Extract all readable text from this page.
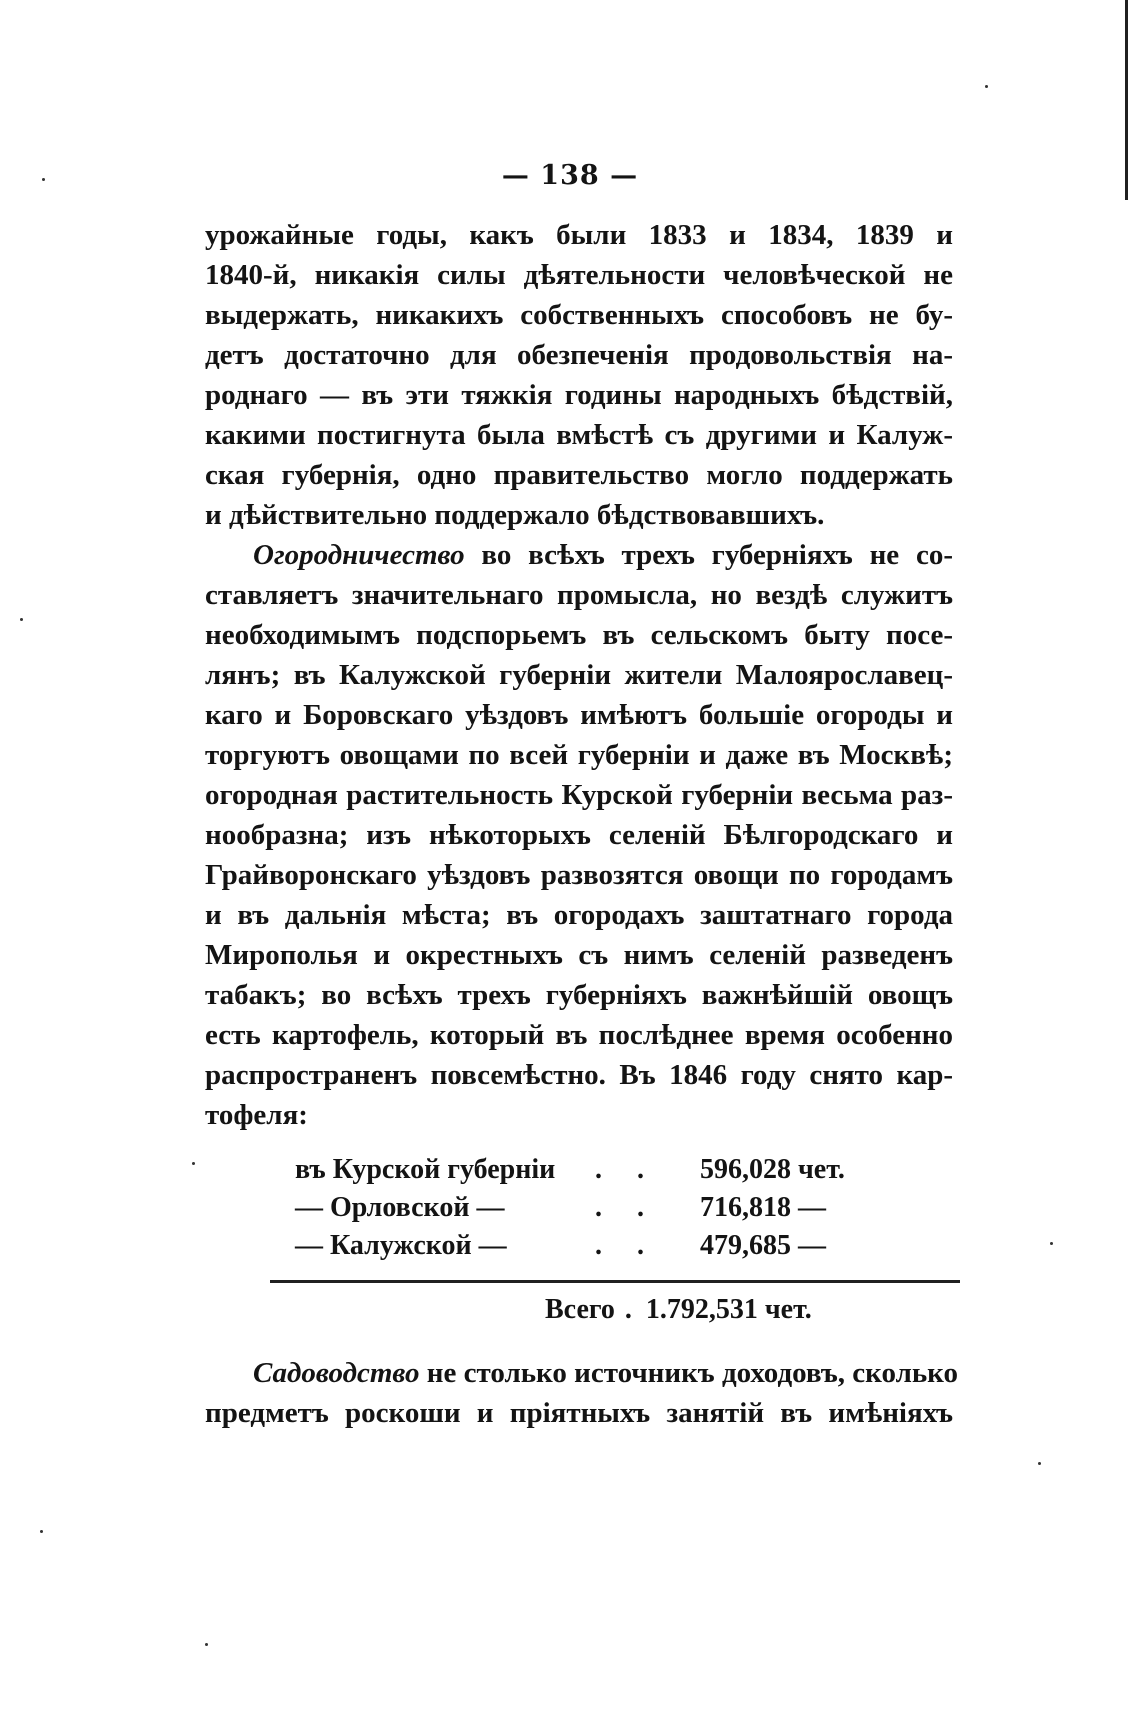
— 138 —
урожайные годы, какъ были 1833 и 1834, 1839 и
1840-й, никакія силы дѣятельности человѣческой не
выдержать, никакихъ собственныхъ способовъ не бу-
детъ достаточно для обезпеченія продовольствія на-
роднаго — въ эти тяжкія годины народныхъ бѣдствій,
какими постигнута была вмѣстѣ съ другими и Калуж-
ская губернія, одно правительство могло поддержать
и дѣйствительно поддержало бѣдствовавшихъ.
Огородничество во всѣхъ трехъ губерніяхъ не со-
ставляетъ значительнаго промысла, но вездѣ служитъ
необходимымъ подспорьемъ въ сельскомъ быту посе-
лянъ; въ Калужской губерніи жители Малоярославец-
каго и Боровскаго уѣздовъ имѣютъ большіе огороды и
торгуютъ овощами по всей губерніи и даже въ Москвѣ;
огородная растительность Курской губерніи весьма раз-
нообразна; изъ нѣкоторыхъ селеній Бѣлгородскаго и
Грайворонскаго уѣздовъ развозятся овощи по городамъ
и въ дальнія мѣста; въ огородахъ заштатнаго города
Мирополья и окрестныхъ съ нимъ селеній разведенъ
табакъ; во всѣхъ трехъ губерніяхъ важнѣйшій овощъ
есть картофель, который въ послѣднее время особенно
распространенъ повсемѣстно. Въ 1846 году снято кар-
тофеля:
въ Курской губерніи . . 596,028 чет.
— Орловской —	. . 716,818 —
— Калужской —	. . 479,685 —
Всего . 1.792,531 чет.
Садоводство не столько источникъ доходовъ, сколько
предметъ роскоши и пріятныхъ занятій въ имѣніяхъ
